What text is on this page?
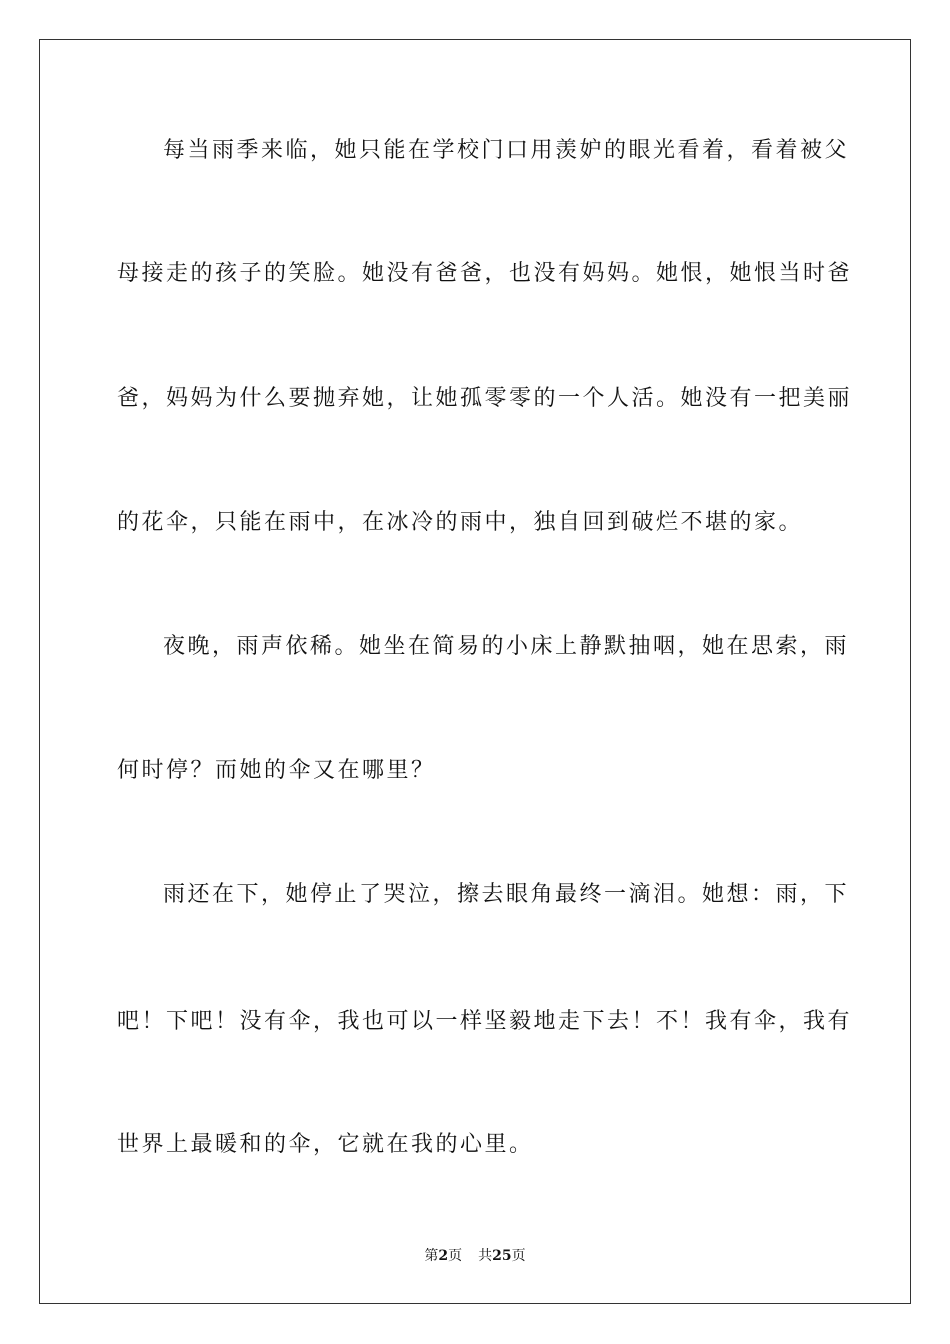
每当雨季来临，她只能在学校门口用羡妒的眼光看着，看着被父
母接走的孩子的笑脸。她没有爸爸，也没有妈妈。她恨，她恨当时爸
爸，妈妈为什么要抛弃她，让她孤零零的一个人活。她没有一把美丽
的花伞，只能在雨中，在冰冷的雨中，独自回到破烂不堪的家。
夜晚，雨声依稀。她坐在简易的小床上静默抽咽，她在思索，雨
何时停？而她的伞又在哪里？
雨还在下，她停止了哭泣，擦去眼角最终一滴泪。她想：雨，下
吧！下吧！没有伞，我也可以一样坚毅地走下去！不！我有伞，我有
世界上最暖和的伞，它就在我的心里。
第2页 共25页
